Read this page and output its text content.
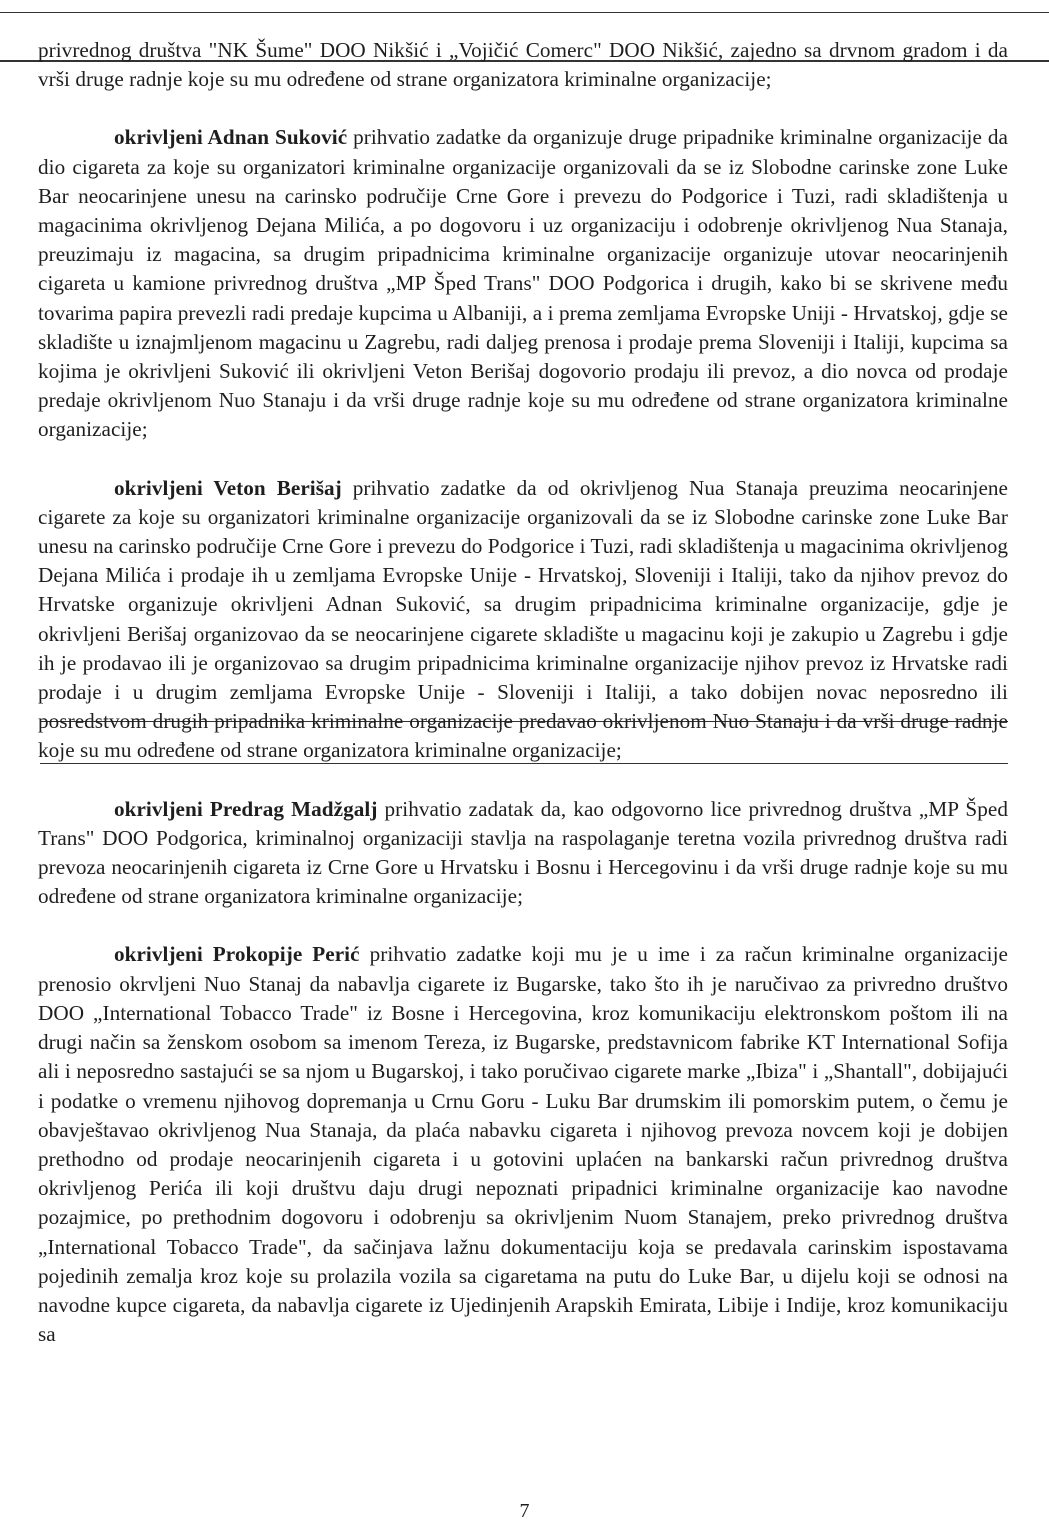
privrednog društva "NK Šume" DOO Nikšić i „Vojičić Comerc" DOO Nikšić, zajedno sa drvnom gradom i da vrši druge radnje koje su mu određene od strane organizatora kriminalne organizacije;

okrivljeni Adnan Suković prihvatio zadatke da organizuje druge pripadnike kriminalne organizacije da dio cigareta za koje su organizatori kriminalne organizacije organizovali da se iz Slobodne carinske zone Luke Bar neocarinjene unesu na carinsko područije Crne Gore i prevezu do Podgorice i Tuzi, radi skladištenja u magacinima okrivljenog Dejana Milića, a po dogovoru i uz organizaciju i odobrenje okrivljenog Nua Stanaja, preuzimaju iz magacina, sa drugim pripadnicima kriminalne organizacije organizuje utovar neocarinjenih cigareta u kamione privrednog društva „MP Šped Trans" DOO Podgorica i drugih, kako bi se skrivene među tovarima papira prevezli radi predaje kupcima u Albaniji, a i prema zemljama Evropske Uniji - Hrvatskoj, gdje se skladište u iznajmljenom magacinu u Zagrebu, radi daljeg prenosa i prodaje prema Sloveniji i Italiji, kupcima sa kojima je okrivljeni Suković ili okrivljeni Veton Berišaj dogovorio prodaju ili prevoz, a dio novca od prodaje predaje okrivljenom Nuo Stanaju i da vrši druge radnje koje su mu određene od strane organizatora kriminalne organizacije;

okrivljeni Veton Berišaj prihvatio zadatke da od okrivljenog Nua Stanaja preuzima neocarinjene cigarete za koje su organizatori kriminalne organizacije organizovali da se iz Slobodne carinske zone Luke Bar unesu na carinsko područije Crne Gore i prevezu do Podgorice i Tuzi, radi skladištenja u magacinima okrivljenog Dejana Milića i prodaje ih u zemljama Evropske Unije - Hrvatskoj, Sloveniji i Italiji, tako da njihov prevoz do Hrvatske organizuje okrivljeni Adnan Suković, sa drugim pripadnicima kriminalne organizacije, gdje je okrivljeni Berišaj organizovao da se neocarinjene cigarete skladište u magacinu koji je zakupio u Zagrebu i gdje ih je prodavao ili je organizovao sa drugim pripadnicima kriminalne organizacije njihov prevoz iz Hrvatske radi prodaje i u drugim zemljama Evropske Unije - Sloveniji i Italiji, a tako dobijen novac neposredno ili posredstvom drugih pripadnika kriminalne organizacije predavao okrivljenom Nuo Stanaju i da vrši druge radnje koje su mu određene od strane organizatora kriminalne organizacije;

okrivljeni Predrag Madžgalj prihvatio zadatak da, kao odgovorno lice privrednog društva „MP Šped Trans" DOO Podgorica, kriminalnoj organizaciji stavlja na raspolaganje teretna vozila privrednog društva radi prevoza neocarinjenih cigareta iz Crne Gore u Hrvatsku i Bosnu i Hercegovinu i da vrši druge radnje koje su mu određene od strane organizatora kriminalne organizacije;

okrivljeni Prokopije Perić prihvatio zadatke koji mu je u ime i za račun kriminalne organizacije prenosio okrvljeni Nuo Stanaj da nabavlja cigarete iz Bugarske, tako što ih je naručivao za privredno društvo DOO „International Tobacco Trade" iz Bosne i Hercegovina, kroz komunikaciju elektronskom poštom ili na drugi način sa ženskom osobom sa imenom Tereza, iz Bugarske, predstavnicom fabrike KT International Sofija ali i neposredno sastajući se sa njom u Bugarskoj, i tako poručivao cigarete marke „Ibiza" i „Shantall", dobijajući i podatke o vremenu njihovog dopremanja u Crnu Goru - Luku Bar drumskim ili pomorskim putem, o čemu je obavještavao okrivljenog Nua Stanaja, da plaća nabavku cigareta i njihovog prevoza novcem koji je dobijen prethodno od prodaje neocarinjenih cigareta i u gotovini uplaćen na bankarski račun privrednog društva okrivljenog Perića ili koji društvu daju drugi nepoznati pripadnici kriminalne organizacije kao navodne pozajmice, po prethodnim dogovoru i odobrenju sa okrivljenim Nuom Stanajem, preko privrednog društva „International Tobacco Trade", da sačinjava lažnu dokumentaciju koja se predavala carinskim ispostavama pojedinih zemalja kroz koje su prolazila vozila sa cigaretama na putu do Luke Bar, u dijelu koji se odnosi na navodne kupce cigareta, da nabavlja cigarete iz Ujedinjenih Arapskih Emirata, Libije i Indije, kroz komunikaciju sa

7
